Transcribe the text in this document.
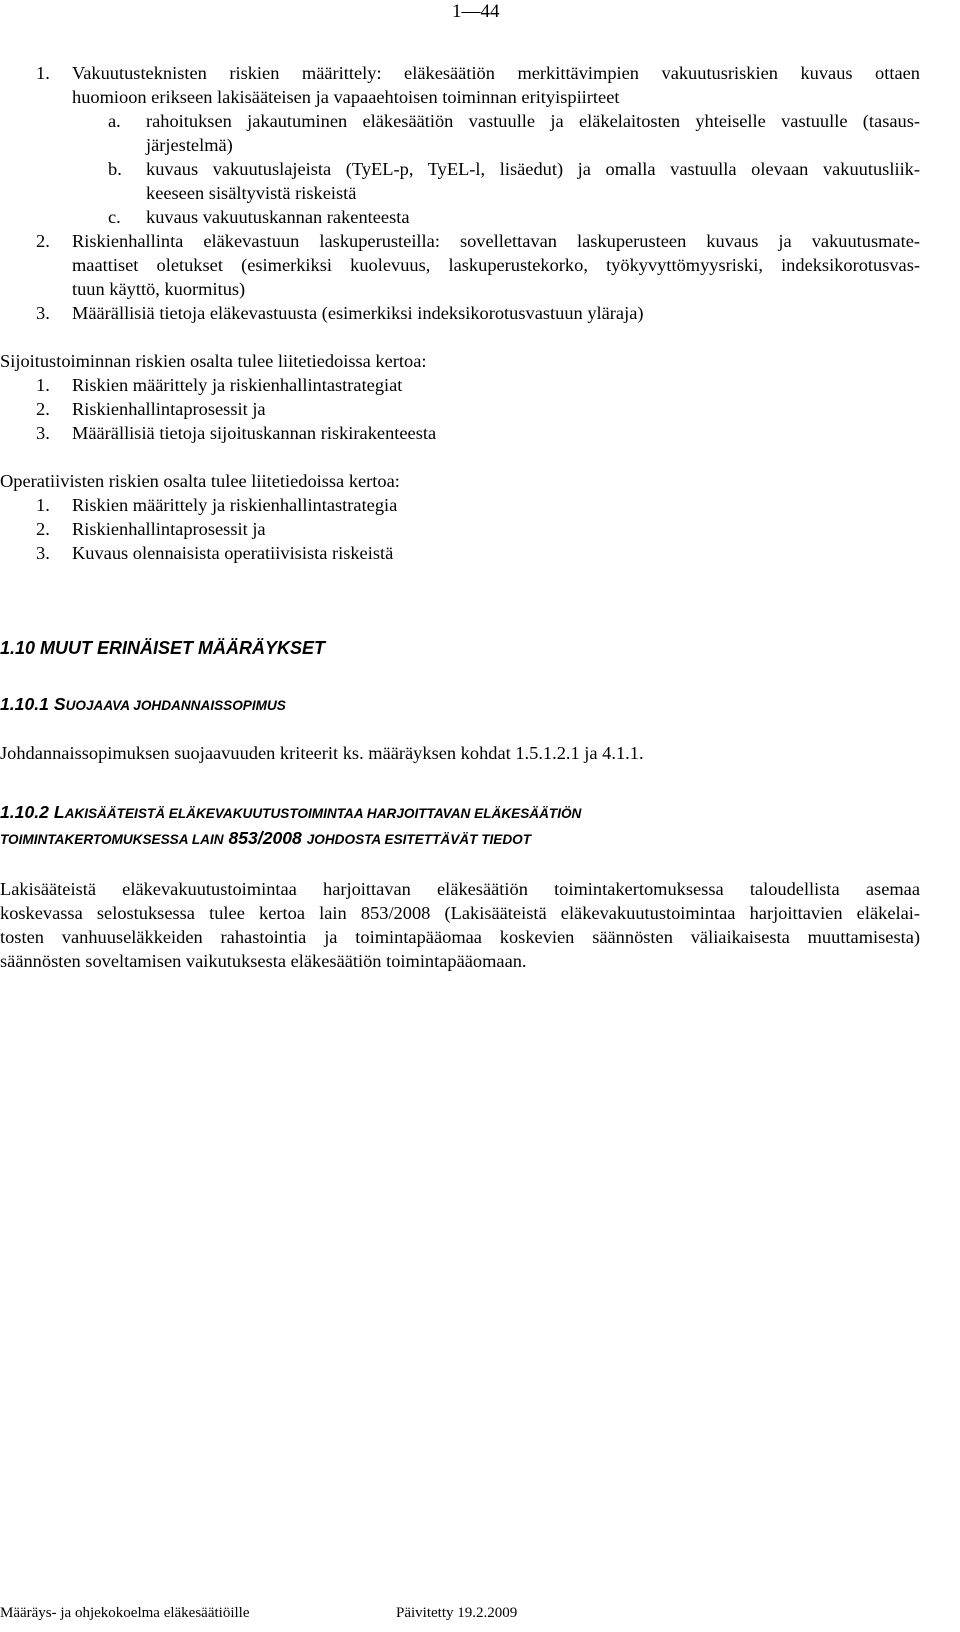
1—44
1. Vakuutusteknisten riskien määrittely: eläkesäätiön merkittävimpien vakuutusriskien kuvaus ottaen
huomioon erikseen lakisääteisen ja vapaaehtoisen toiminnan erityispiirteet
a. rahoituksen jakautuminen eläkesäätiön vastuulle ja eläkelaitosten yhteiselle vastuulle (tasaus-
järjestelmä)
b. kuvaus vakuutuslajeista (TyEL-p, TyEL-l, lisäedut) ja omalla vastuulla olevaan vakuutusliik-
keeseen sisältyvistä riskeistä
c. kuvaus vakuutuskannan rakenteesta
2. Riskienhallinta eläkevastuun laskuperusteilla: sovellettavan laskuperusteen kuvaus ja vakuutusmate-
maattiset oletukset (esimerkiksi kuolevuus, laskuperustekorko, työkyvyttömyysriski, indeksikorotusvas-
tuun käyttö, kuormitus)
3. Määrällisiä tietoja eläkevastuusta (esimerkiksi indeksikorotusvastuun yläraja)
Sijoitustoiminnan riskien osalta tulee liitetiedoissa kertoa:
1. Riskien määrittely ja riskienhallintastrategiat
2. Riskienhallintaprosessit ja
3. Määrällisiä tietoja sijoituskannan riskirakenteesta
Operatiivisten riskien osalta tulee liitetiedoissa kertoa:
1. Riskien määrittely ja riskienhallintastrategia
2. Riskienhallintaprosessit ja
3. Kuvaus olennaisista operatiivisista riskeistä
1.10 MUUT ERINÄISET MÄÄRÄYKSET
1.10.1 SUOJAAVA JOHDANNAISSOPIMUS
Johdannaissopimuksen suojaavuuden kriteerit ks. määräyksen kohdat 1.5.1.2.1 ja 4.1.1.
1.10.2 LAKISÄÄTEISTÄ ELÄKEVAKUUTUSTOIMINTAA HARJOITTAVAN ELÄKESÄÄTIÖN
TOIMINTAKERTOMUKSESSA LAIN 853/2008 JOHDOSTA ESITETTÄVÄT TIEDOT
Lakisääteistä eläkevakuutustoimintaa harjoittavan eläkesäätiön toimintakertomuksessa taloudellista asemaa
koskevassa selostuksessa tulee kertoa lain 853/2008 (Lakisääteistä eläkevakuutustoimintaa harjoittavien eläkelai-
tosten vanhuuseläkkeiden rahastointia ja toimintapääomaa koskevien säännösten väliaikaisesta muuttamisesta)
säännösten soveltamisen vaikutuksesta eläkesäätiön toimintapääomaan.
Määräys- ja ohjekokoelma eläkesäätiöille	Päivitetty 19.2.2009
